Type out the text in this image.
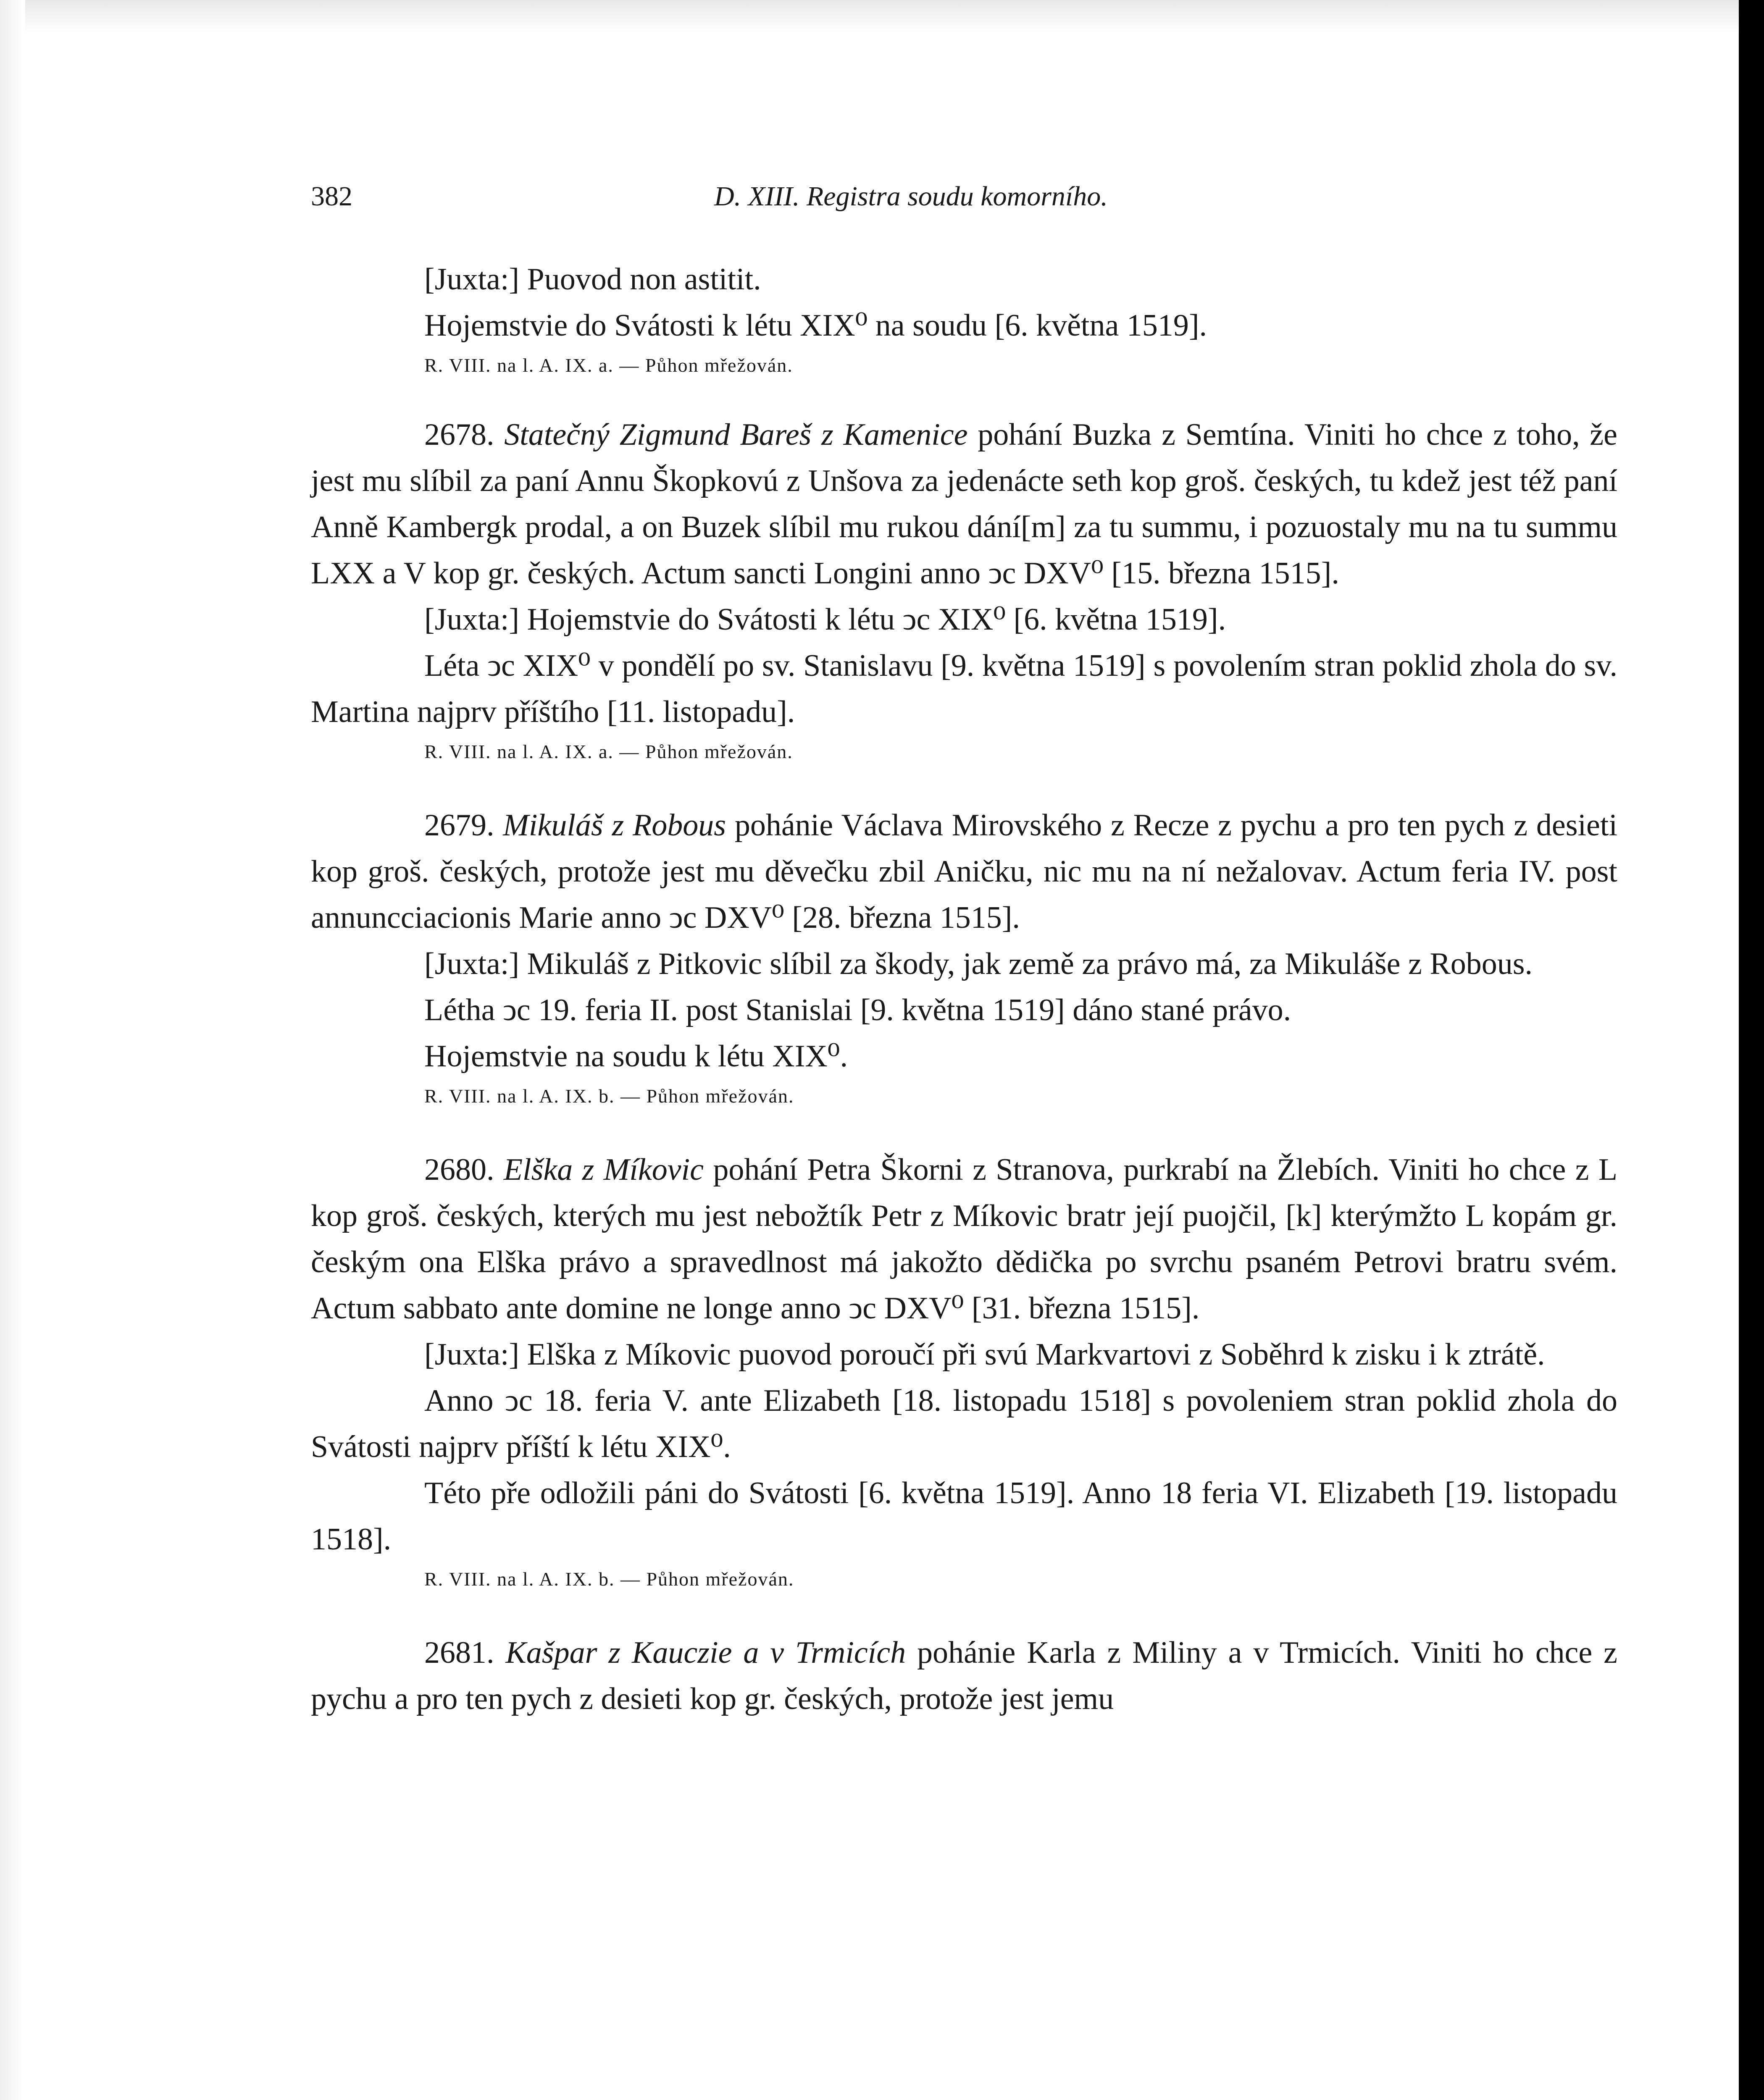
382	D. XIII. Registra soudu komorního.

[Juxta:] Puovod non astitit.

Hojemstvie do Svátosti k létu XIX⁰ na soudu [6. května 1519].

R. VIII. na l. A. IX. a. — Půhon mřežován.

2678. Statečný Zigmund Bareš z Kamenice pohání Buzka z Semtína. Viniti ho chce z toho, že jest mu slíbil za paní Annu Škopkovú z Unšova za jedenácte seth kop groš. českých, tu kdež jest též paní Anně Kambergk prodal, a on Buzek slíbil mu rukou dání[m] za tu summu, i pozuostaly mu na tu summu LXX a V kop gr. českých. Actum sancti Longini anno ↄc DXV⁰ [15. března 1515].

[Juxta:] Hojemstvie do Svátosti k létu ↄc XIX⁰ [6. května 1519].

Léta ↄc XIX⁰ v pondělí po sv. Stanislavu [9. května 1519] s povolením stran poklid zhola do sv. Martina najprv příštího [11. listopadu].

R. VIII. na l. A. IX. a. — Půhon mřežován.

2679. Mikuláš z Robous pohánie Václava Mirovského z Recze z pychu a pro ten pych z desieti kop groš. českých, protože jest mu děvečku zbil Aničku, nic mu na ní nežalovav. Actum feria IV. post annuncciacionis Marie anno ↄc DXV⁰ [28. března 1515].

[Juxta:] Mikuláš z Pitkovic slíbil za škody, jak země za právo má, za Mikuláše z Robous.

Létha ↄc 19. feria II. post Stanislai [9. května 1519] dáno stané právo.

Hojemstvie na soudu k létu XIX⁰.

R. VIII. na l. A. IX. b. — Půhon mřežován.

2680. Elška z Míkovic pohání Petra Škorni z Stranova, purkrabí na Žlebích. Viniti ho chce z L kop groš. českých, kterých mu jest nebožtík Petr z Míkovic bratr její puojčil, [k] kterýmžto L kopám gr. českým ona Elška právo a spravedlnost má jakožto dědička po svrchu psaném Petrovi bratru svém. Actum sabbato ante domine ne longe anno ↄc DXV⁰ [31. března 1515].

[Juxta:] Elška z Míkovic puovod poroučí při svú Markvartovi z Soběhrd k zisku i k ztrátě.

Anno ↄc 18. feria V. ante Elizabeth [18. listopadu 1518] s povoleniem stran poklid zhola do Svátosti najprv příští k létu XIX⁰.

Této pře odložili páni do Svátosti [6. května 1519]. Anno 18 feria VI. Elizabeth [19. listopadu 1518].

R. VIII. na l. A. IX. b. — Půhon mřežován.

2681. Kašpar z Kauczie a v Trmicích pohánie Karla z Miliny a v Trmicích. Viniti ho chce z pychu a pro ten pych z desieti kop gr. českých, protože jest jemu
